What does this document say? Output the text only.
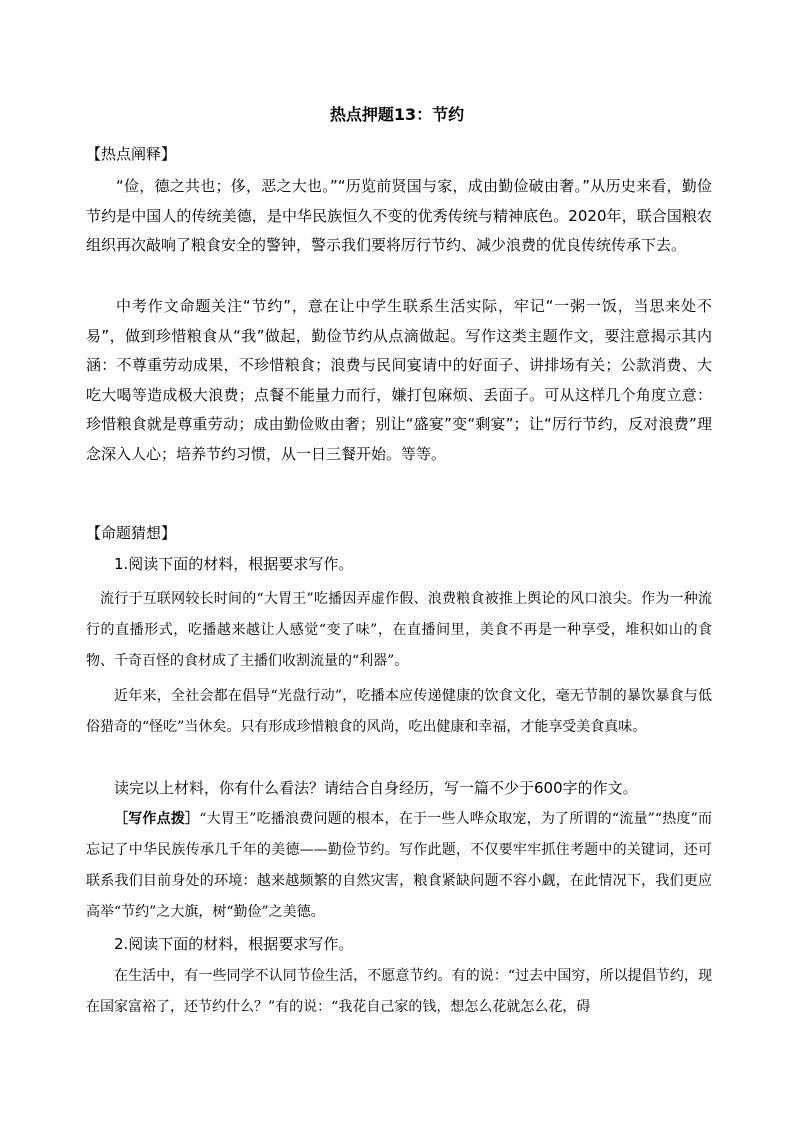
热点押题13：节约
【热点阐释】
“俭，德之共也；侈，恶之大也。”“历览前贤国与家，成由勤俭破由奢。”从历史来看，勤俭节约是中国人的传统美德，是中华民族恒久不变的优秀传统与精神底色。2020年，联合国粮农组织再次敲响了粮食安全的警钟，警示我们要将厉行节约、减少浪费的优良传统传承下去。
中考作文命题关注“节约”，意在让中学生联系生活实际，牢记“一粥一饭，当思来处不易”，做到珍惜粮食从“我”做起，勤俭节约从点滴做起。写作这类主题作文，要注意揭示其内涵：不尊重劳动成果，不珍惜粮食；浪费与民间宴请中的好面子、讲排场有关；公款消费、大吃大喝等造成极大浪费；点餐不能量力而行，嫌打包麻烦、丢面子。可从这样几个角度立意：珍惜粮食就是尊重劳动；成由勤俭败由奢；别让“盛宴”变“剩宴”；让“厉行节约，反对浪费”理念深入人心；培养节约习惯，从一日三餐开始。等等。
【命题猜想】
1.阅读下面的材料，根据要求写作。
流行于互联网较长时间的“大胃王”吃播因弄虚作假、浪费粮食被推上舆论的风口浪尖。作为一种流行的直播形式，吃播越来越让人感觉“变了味”，在直播间里，美食不再是一种享受，堆积如山的食物、千奇百怪的食材成了主播们收割流量的“利器”。
近年来，全社会都在倡导“光盘行动”，吃播本应传递健康的饮食文化，毫无节制的暴饮暴食与低俗猎奇的“怪吃”当休矣。只有形成珍惜粮食的风尚，吃出健康和幸福，才能享受美食真味。
读完以上材料，你有什么看法？请结合自身经历，写一篇不少于600字的作文。
［写作点拨］“大胃王”吃播浪费问题的根本，在于一些人哗众取宠，为了所谓的“流量”“热度”而忘记了中华民族传承几千年的美德——勤俭节约。写作此题，不仅要牢牢抓住考题中的关键词，还可联系我们目前身处的环境：越来越频繁的自然灾害，粮食紧缺问题不容小觑，在此情况下，我们更应高举“节约”之大旗，树“勤俭”之美德。
2.阅读下面的材料，根据要求写作。
在生活中，有一些同学不认同节俭生活，不愿意节约。有的说：“过去中国穷，所以提倡节约，现在国家富裕了，还节约什么？”有的说：“我花自己家的钱，想怎么花就怎么花，碍
